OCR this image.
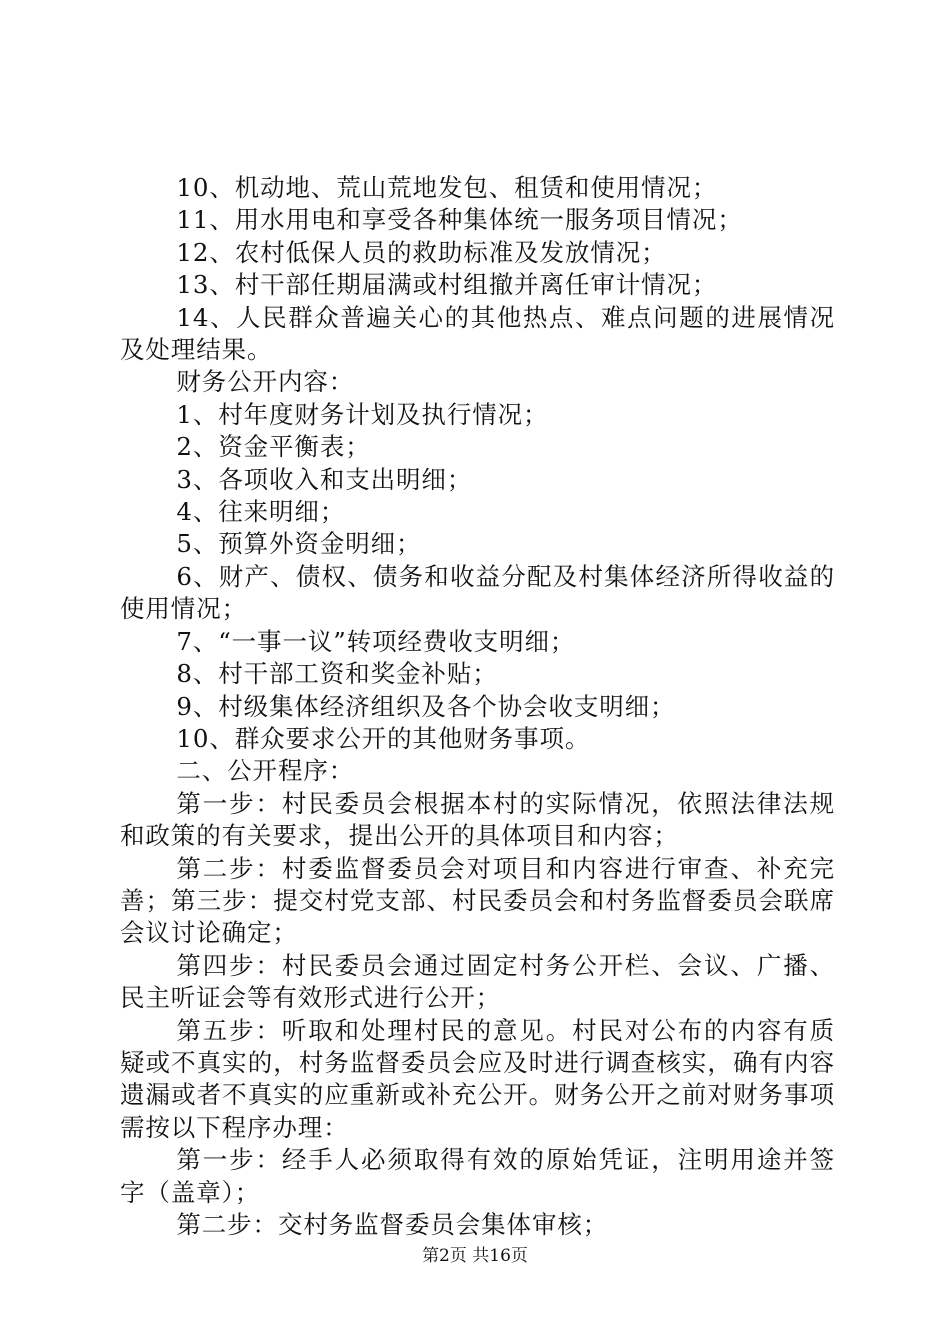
10、机动地、荒山荒地发包、租赁和使用情况；

11、用水用电和享受各种集体统一服务项目情况；

12、农村低保人员的救助标准及发放情况；

13、村干部任期届满或村组撤并离任审计情况；

14、人民群众普遍关心的其他热点、难点问题的进展情况及处理结果。

财务公开内容：

1、村年度财务计划及执行情况；

2、资金平衡表；

3、各项收入和支出明细；

4、往来明细；

5、预算外资金明细；

6、财产、债权、债务和收益分配及村集体经济所得收益的使用情况；

7、“一事一议”转项经费收支明细；

8、村干部工资和奖金补贴；

9、村级集体经济组织及各个协会收支明细；

10、群众要求公开的其他财务事项。

二、公开程序：

第一步：村民委员会根据本村的实际情况，依照法律法规和政策的有关要求，提出公开的具体项目和内容；

第二步：村委监督委员会对项目和内容进行审查、补充完善；第三步：提交村党支部、村民委员会和村务监督委员会联席会议讨论确定；

第四步：村民委员会通过固定村务公开栏、会议、广播、民主听证会等有效形式进行公开；

第五步：听取和处理村民的意见。村民对公布的内容有质疑或不真实的，村务监督委员会应及时进行调查核实，确有内容遗漏或者不真实的应重新或补充公开。财务公开之前对财务事项需按以下程序办理：

第一步：经手人必须取得有效的原始凭证，注明用途并签字（盖章）；

第二步：交村务监督委员会集体审核；

第2页 共16页
